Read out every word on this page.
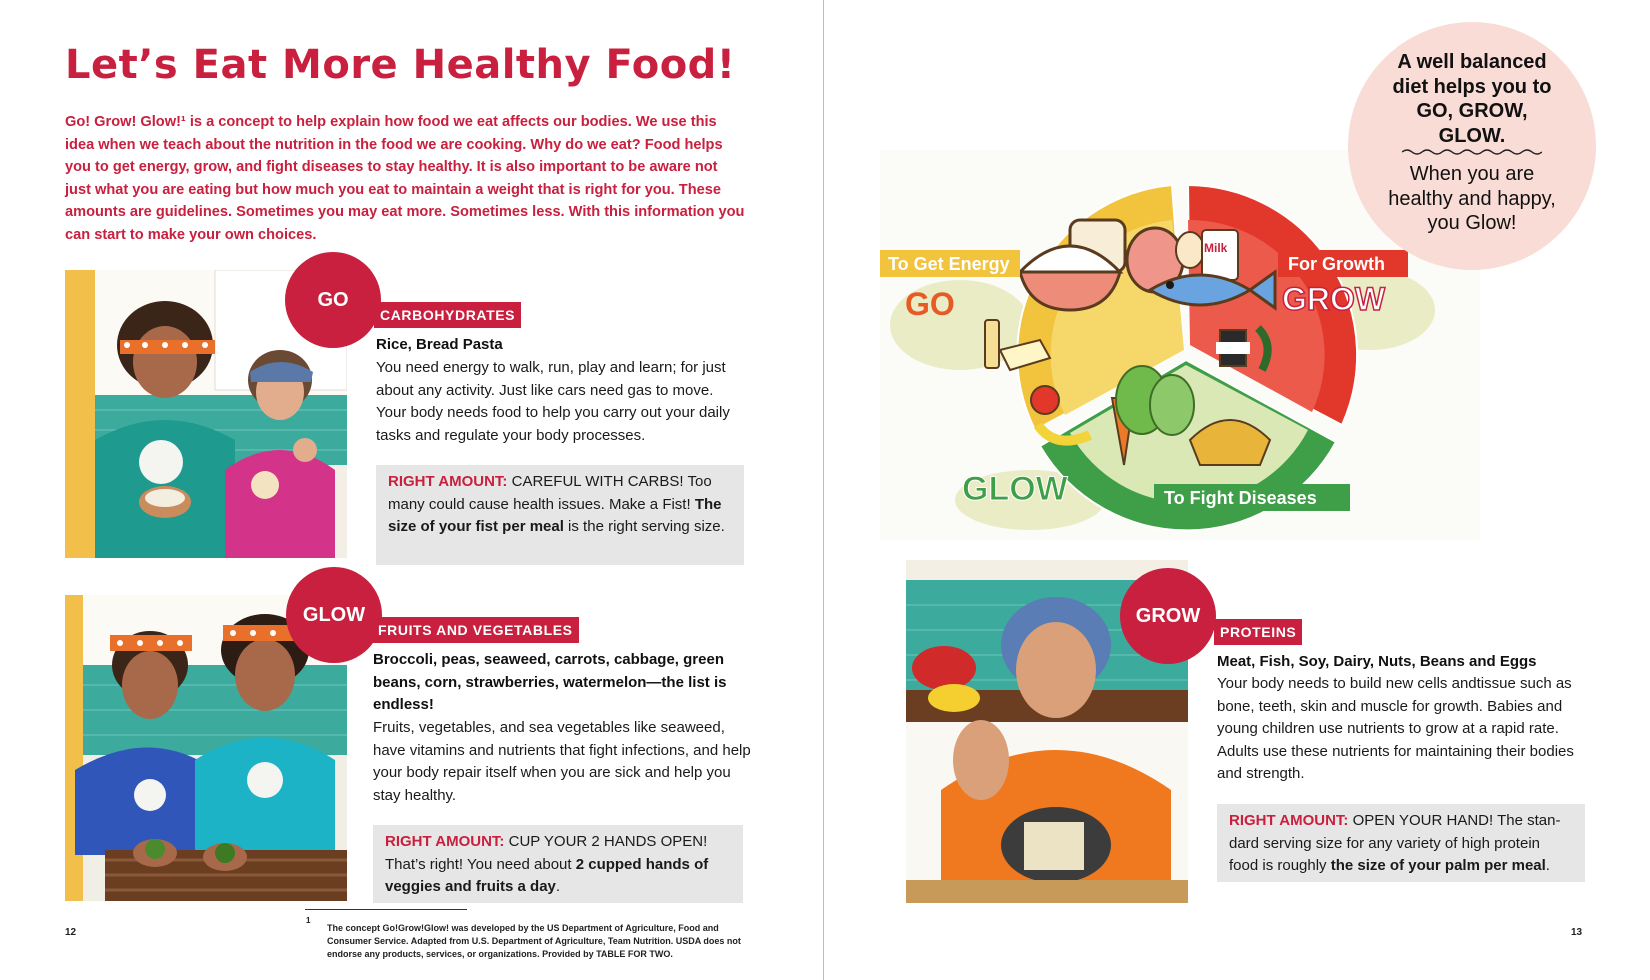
Let’s Eat More Healthy Food!

Go! Grow! Glow!¹ is a concept to help explain how food we eat affects our bodies. We use this idea when we teach about the nutrition in the food we are cooking. Why do we eat? Food helps you to get energy, grow, and fight diseases to stay healthy. It is also important to be aware not just what you are eating but how much you eat to maintain a weight that is right for you. These amounts are guidelines. Sometimes you may eat more. Sometimes less. With this information you can start to make your own choices.

GO
CARBOHYDRATES
Rice, Bread Pasta
You need energy to walk, run, play and learn; for just about any activity. Just like cars need gas to move. Your body needs food to help you carry out your daily tasks and regulate your body processes.
RIGHT AMOUNT: CAREFUL WITH CARBS! Too many could cause health issues. Make a Fist! The size of your fist per meal is the right serving size.
GLOW
FRUITS AND VEGETABLES
Broccoli, peas, seaweed, carrots, cabbage, green beans, corn, strawberries, watermelon—the list is endless!
Fruits, vegetables, and sea vegetables like seaweed, have vitamins and nutrients that fight infections, and help your body repair itself when you are sick and help you stay healthy.
RIGHT AMOUNT: CUP YOUR 2 HANDS OPEN! That’s right! You need about 2 cupped hands of veggies and fruits a day.
1
The concept Go!Grow!Glow! was developed by the US Department of Agriculture, Food and Consumer Service. Adapted from U.S. Department of Agriculture, Team Nutrition. USDA does not endorse any products, services, or organizations. Provided by TABLE FOR TWO.
12
Milk
To Get Energy
GO
For Growth
GROW
GLOW	To Fight Diseases
A well balanced diet helps you to GO, GROW, GLOW.
When you are healthy and happy, you Glow!
GROW
PROTEINS
Meat, Fish, Soy, Dairy, Nuts, Beans and Eggs
Your body needs to build new cells andtissue such as bone, teeth, skin and muscle for growth. Babies and young children use nutrients to grow at a rapid rate. Adults use these nutrients for maintaining their bodies and strength.
RIGHT AMOUNT: OPEN YOUR HAND! The stan-dard serving size for any variety of high protein food is roughly the size of your palm per meal.
13
